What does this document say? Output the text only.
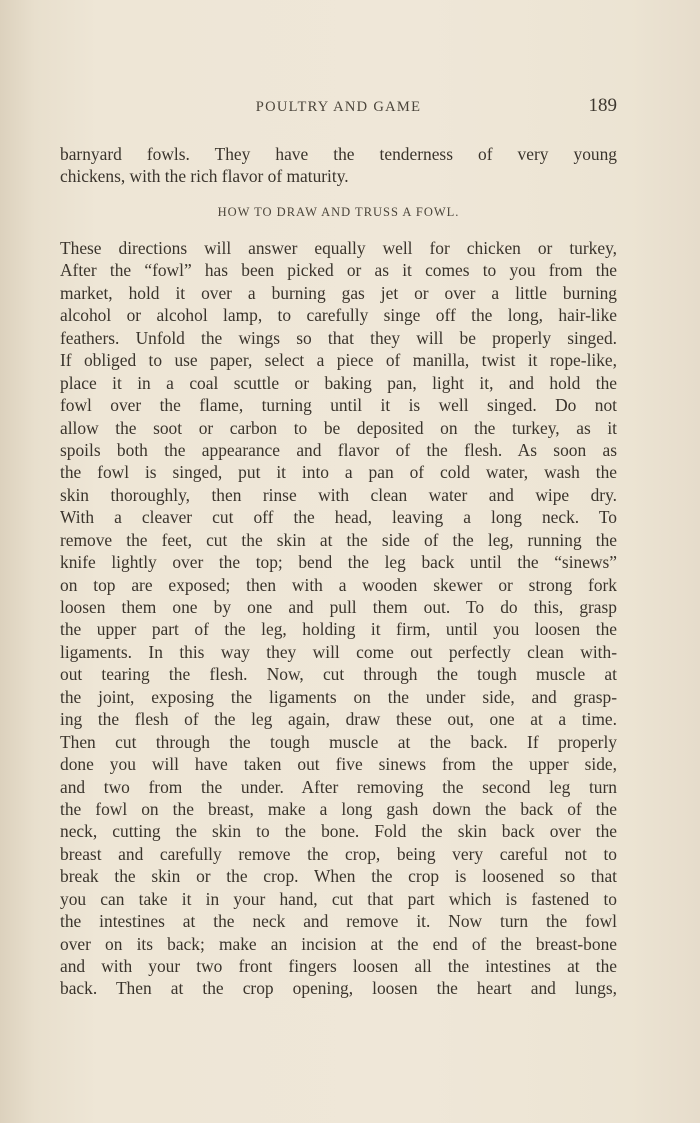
POULTRY AND GAME	189
barnyard fowls. They have the tenderness of very young
chickens, with the rich flavor of maturity.
HOW TO DRAW AND TRUSS A FOWL.
These directions will answer equally well for chicken or turkey,
After the “fowl” has been picked or as it comes to you from the
market, hold it over a burning gas jet or over a little burning
alcohol or alcohol lamp, to carefully singe off the long, hair-like
feathers. Unfold the wings so that they will be properly singed.
If obliged to use paper, select a piece of manilla, twist it rope-like,
place it in a coal scuttle or baking pan, light it, and hold the
fowl over the flame, turning until it is well singed. Do not
allow the soot or carbon to be deposited on the turkey, as it
spoils both the appearance and flavor of the flesh. As soon as
the fowl is singed, put it into a pan of cold water, wash the
skin thoroughly, then rinse with clean water and wipe dry.
With a cleaver cut off the head, leaving a long neck. To
remove the feet, cut the skin at the side of the leg, running the
knife lightly over the top; bend the leg back until the “sinews”
on top are exposed; then with a wooden skewer or strong fork
loosen them one by one and pull them out. To do this, grasp
the upper part of the leg, holding it firm, until you loosen the
ligaments. In this way they will come out perfectly clean with-
out tearing the flesh. Now, cut through the tough muscle at
the joint, exposing the ligaments on the under side, and grasp-
ing the flesh of the leg again, draw these out, one at a time.
Then cut through the tough muscle at the back. If properly
done you will have taken out five sinews from the upper side,
and two from the under. After removing the second leg turn
the fowl on the breast, make a long gash down the back of the
neck, cutting the skin to the bone. Fold the skin back over the
breast and carefully remove the crop, being very careful not to
break the skin or the crop. When the crop is loosened so that
you can take it in your hand, cut that part which is fastened to
the intestines at the neck and remove it. Now turn the fowl
over on its back; make an incision at the end of the breast-bone
and with your two front fingers loosen all the intestines at the
back. Then at the crop opening, loosen the heart and lungs,
